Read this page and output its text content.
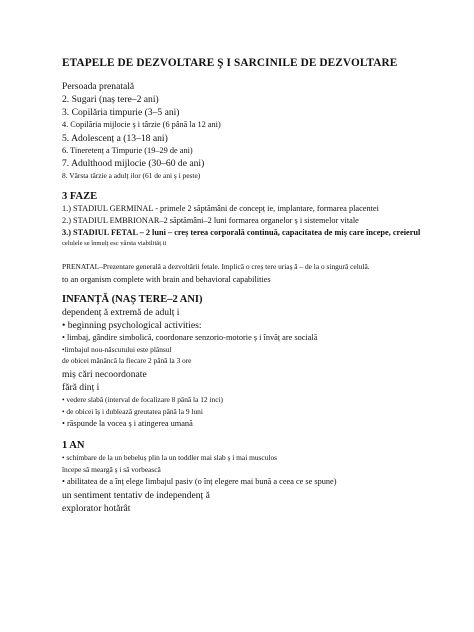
ETAPELE DE DEZVOLTARE Ş I SARCINILE DE DEZVOLTARE
Persoada prenatală
2. Sugari (naș tere–2 ani)
3. Copilăria timpurie (3–5 ani)
4. Copilăria mijlocie ș i târzie (6 până la 12 ani)
5. Adolescenț a (13–18 ani)
6. Tineretenț a Timpurie (19–29 de ani)
7. Adulthood mijlocie (30–60 de ani)
8. Vârsta târzie a adulț ilor (61 de ani ș i peste)
3 FAZE
1.) STADIUL GERMINAL - primele 2 săptămâni de concepț ie, implantare, formarea placentei
2.) STADIUL EMBRIONAR–2 săptămâni–2 luni formarea organelor ș i sistemelor vitale
3.) STADIUL FETAL – 2 luni – creș terea corporală continuă, capacitatea de miș care începe, creierul
celulele se înmulț esc vârsta viabilităț ii
PRENATAL–Prezentare generală a dezvoltării fetale. Implică o creș tere uriaș ă – de la o singură celulă.
to an organism complete with brain and behavioral capabilities
INFANȚĂ (NAȘ TERE–2 ANI)
dependenț ă extremă de adulț i
• beginning psychological activities:
• limbaj, gândire simbolică, coordonare senzorio-motorie ș i învăț are socială
•limbajul nou-născutului este plânsul
de obicei mănâncă la fiecare 2 până la 3 ore
miș cări necoordonate
fără dinț i
• vedere slabă (interval de focalizare 8 până la 12 inci)
• de obicei îș i dublează greutatea până la 9 luni
• răspunde la vocea ș i atingerea umană
1 AN
• schimbare de la un bebeluș plin la un toddler mai slab ș i mai musculos
începe să meargă ș i să vorbească
• abilitatea de a înț elege limbajul pasiv (o înț elegere mai bună a ceea ce se spune)
un sentiment tentativ de independenț ă
explorator hotărât
